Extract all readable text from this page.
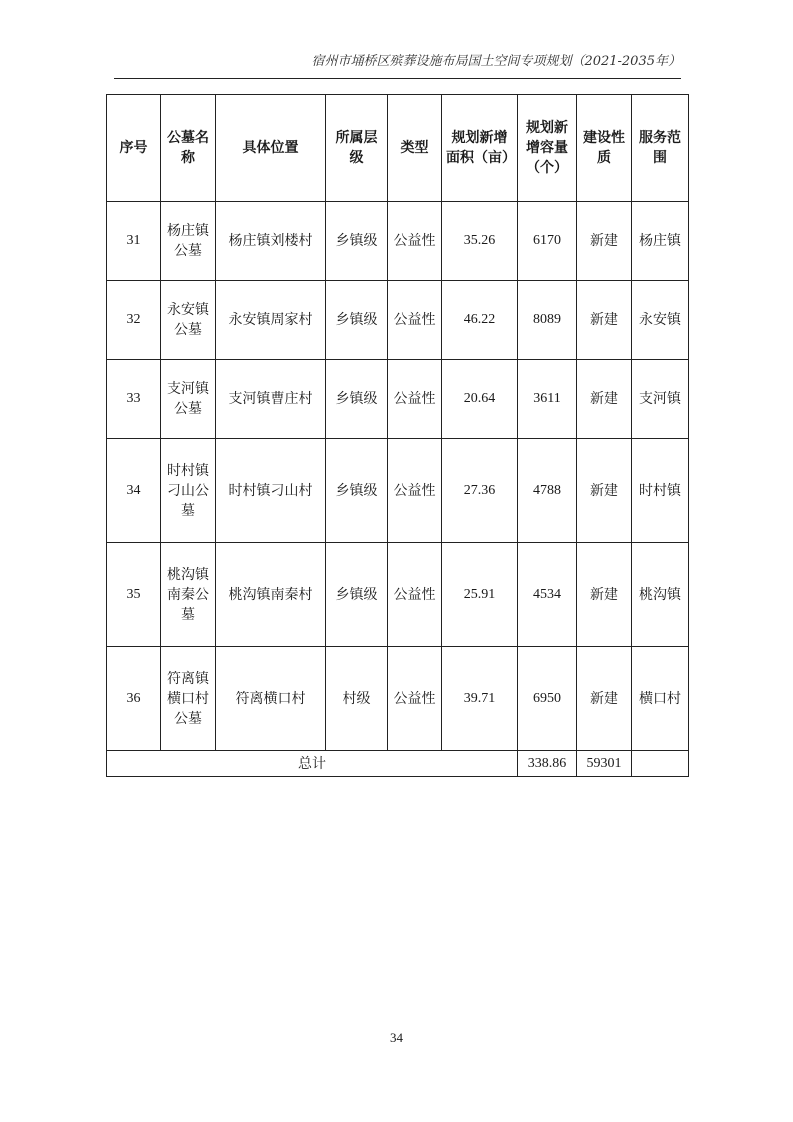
宿州市埇桥区殡葬设施布局国土空间专项规划（2021-2035年）
序号	公墓名称	具体位置	所属层级	类型	规划新增面积（亩）	规划新增容量（个）	建设性质	服务范围
31	杨庄镇公墓	杨庄镇刘楼村	乡镇级	公益性	35.26	6170	新建	杨庄镇
32	永安镇公墓	永安镇周家村	乡镇级	公益性	46.22	8089	新建	永安镇
33	支河镇公墓	支河镇曹庄村	乡镇级	公益性	20.64	3611	新建	支河镇
34	时村镇刁山公墓	时村镇刁山村	乡镇级	公益性	27.36	4788	新建	时村镇
35	桃沟镇南秦公墓	桃沟镇南秦村	乡镇级	公益性	25.91	4534	新建	桃沟镇
36	符离镇横口村公墓	符离横口村	村级	公益性	39.71	6950	新建	横口村
总计						338.86	59301	
34
